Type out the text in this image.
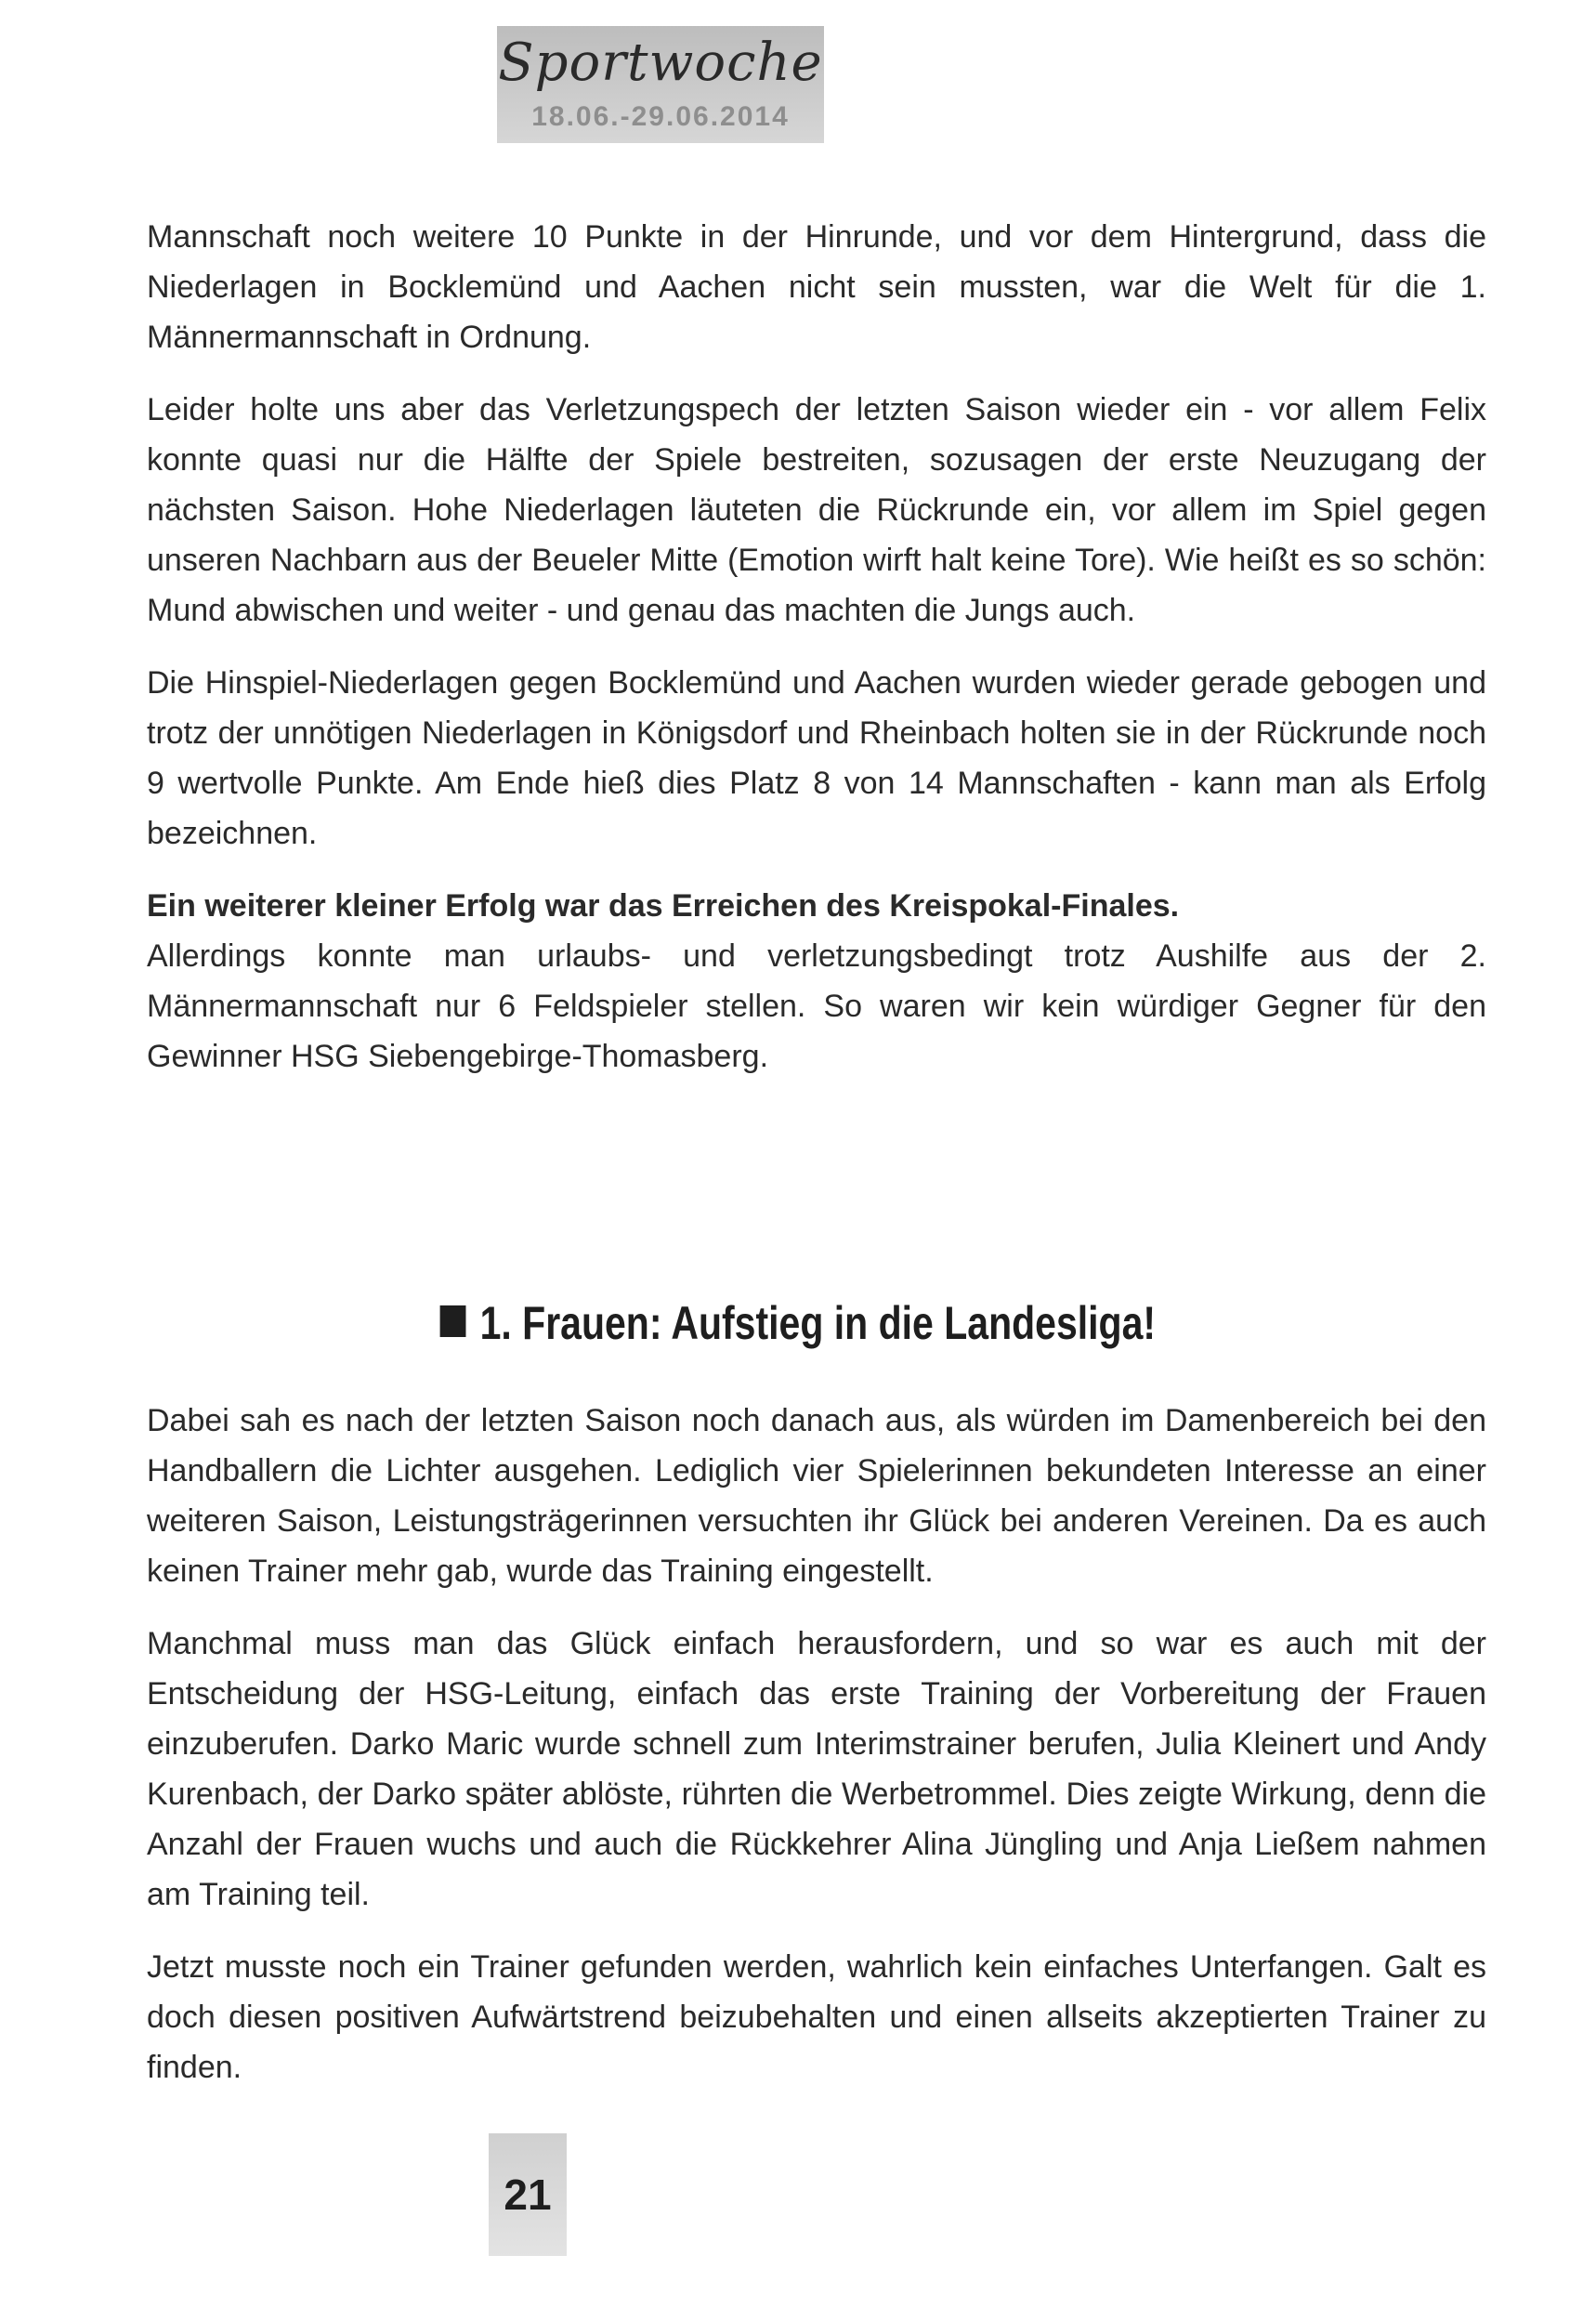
Sportwoche
18.06.-29.06.2014

Mannschaft noch weitere 10 Punkte in der Hinrunde, und vor dem Hintergrund, dass die Niederlagen in Bocklemünd und Aachen nicht sein mussten, war die Welt für die 1. Männermannschaft in Ordnung.

Leider holte uns aber das Verletzungspech der letzten Saison wieder ein - vor allem Felix konnte quasi nur die Hälfte der Spiele bestreiten, sozusagen der erste Neuzugang der nächsten Saison. Hohe Niederlagen läuteten die Rückrunde ein, vor allem im Spiel gegen unseren Nachbarn aus der Beueler Mitte (Emotion wirft halt keine Tore). Wie heißt es so schön: Mund abwischen und weiter - und genau das machten die Jungs auch.

Die Hinspiel-Niederlagen gegen Bocklemünd und Aachen wurden wieder gerade gebogen und trotz der unnötigen Niederlagen in Königsdorf und Rheinbach holten sie in der Rückrunde noch 9 wertvolle Punkte. Am Ende hieß dies Platz 8 von 14 Mannschaften - kann man als Erfolg bezeichnen.

Ein weiterer kleiner Erfolg war das Erreichen des Kreispokal-Finales.
Allerdings konnte man urlaubs- und verletzungsbedingt trotz Aushilfe aus der 2. Männermannschaft nur 6 Feldspieler stellen. So waren wir kein würdiger Gegner für den Gewinner HSG Siebengebirge-Thomasberg.

1. Frauen: Aufstieg in die Landesliga!

Dabei sah es nach der letzten Saison noch danach aus, als würden im Damenbereich bei den Handballern die Lichter ausgehen. Lediglich vier Spielerinnen bekundeten Interesse an einer weiteren Saison, Leistungsträgerinnen versuchten ihr Glück bei anderen Vereinen. Da es auch keinen Trainer mehr gab, wurde das Training eingestellt.

Manchmal muss man das Glück einfach herausfordern, und so war es auch mit der Entscheidung der HSG-Leitung, einfach das erste Training der Vorbereitung der Frauen einzuberufen. Darko Maric wurde schnell zum Interimstrainer berufen, Julia Kleinert und Andy Kurenbach, der Darko später ablöste, rührten die Werbetrommel. Dies zeigte Wirkung, denn die Anzahl der Frauen wuchs und auch die Rückkehrer Alina Jüngling und Anja Ließem nahmen am Training teil.

Jetzt musste noch ein Trainer gefunden werden, wahrlich kein einfaches Unterfangen. Galt es doch diesen positiven Aufwärtstrend beizubehalten und einen allseits akzeptierten Trainer zu finden.

21
